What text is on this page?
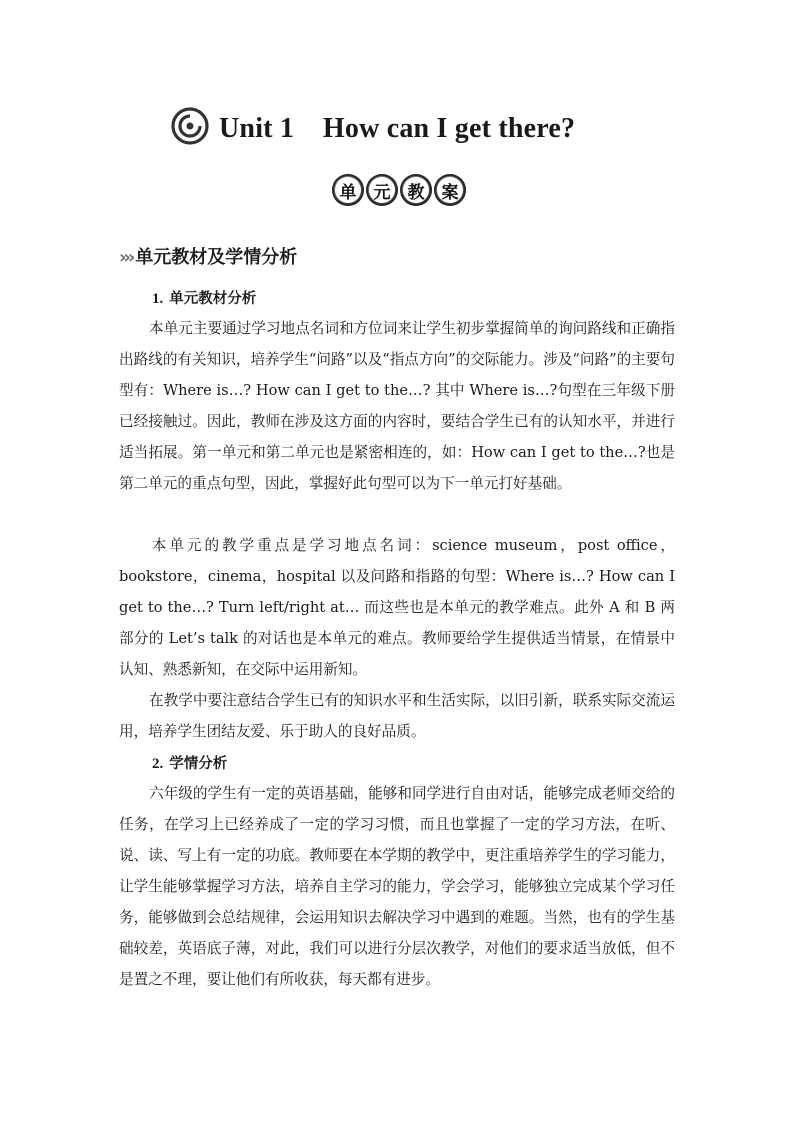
Unit 1    How can I get there?
单 元 教 案
››› 单元教材及学情分析
1. 单元教材分析

本单元主要通过学习地点名词和方位词来让学生初步掌握简单的询问路线和正确指出路线的有关知识，培养学生“问路”以及“指点方向”的交际能力。涉及“问路”的主要句型有：Where is…? How can I get to the…? 其中 Where is…?句型在三年级下册已经接触过。因此，教师在涉及这方面的内容时，要结合学生已有的认知水平，并进行适当拓展。第一单元和第二单元也是紧密相连的，如：How can I get to the…?也是第二单元的重点句型，因此，掌握好此句型可以为下一单元打好基础。

本单元的教学重点是学习地点名词：science museum，post office，bookstore，cinema，hospital 以及问路和指路的句型：Where is…? How can I get to the…? Turn left/right at… 而这些也是本单元的教学难点。此外 A 和 B 两部分的 Let’s talk 的对话也是本单元的难点。教师要给学生提供适当情景，在情景中认知、熟悉新知，在交际中运用新知。

在教学中要注意结合学生已有的知识水平和生活实际，以旧引新，联系实际交流运用，培养学生团结友爱、乐于助人的良好品质。

2. 学情分析

六年级的学生有一定的英语基础，能够和同学进行自由对话，能够完成老师交给的任务，在学习上已经养成了一定的学习习惯，而且也掌握了一定的学习方法，在听、说、读、写上有一定的功底。教师要在本学期的教学中，更注重培养学生的学习能力，让学生能够掌握学习方法，培养自主学习的能力，学会学习，能够独立完成某个学习任务，能够做到会总结规律，会运用知识去解决学习中遇到的难题。当然，也有的学生基础较差，英语底子薄，对此，我们可以进行分层次教学，对他们的要求适当放低，但不是置之不理，要让他们有所收获，每天都有进步。
